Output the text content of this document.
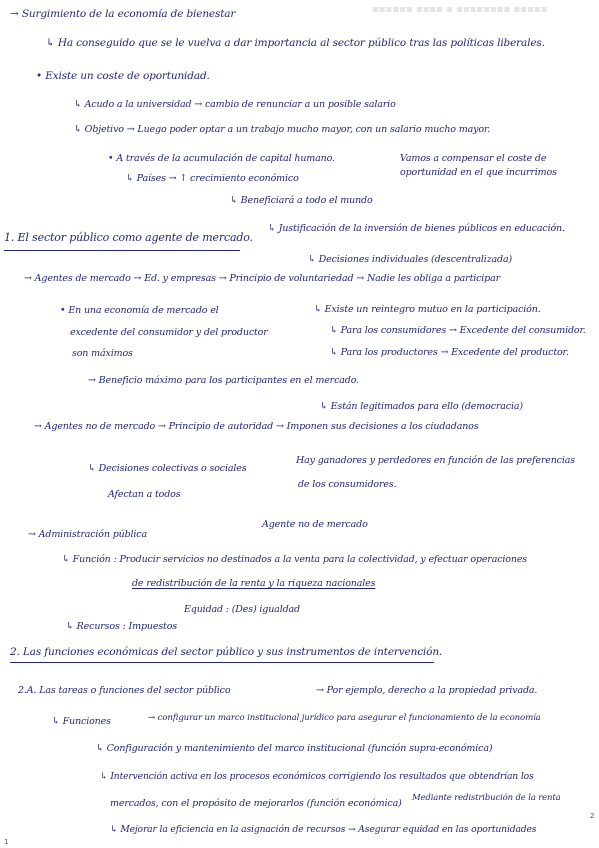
▪▪▪▪▪▪ ▪▪▪▪ ▪ ▪▪▪▪▪▪▪▪ ▪▪▪▪▪
→ Surgimiento de la economía de bienestar
↳ Ha conseguido que se le vuelva a dar importancia al sector público tras las políticas liberales.
• Existe un coste de oportunidad.
↳ Acudo a la universidad → cambio de renunciar a un posible salario
↳ Objetivo → Luego poder optar a un trabajo mucho mayor, con un salario mucho mayor.
• A través de la acumulación de capital humano.	Vamos a compensar el coste de
oportunidad en el que incurrimos
↳ Países → ↑ crecimiento económico
↳ Beneficiará a todo el mundo
↳ Justificación de la inversión de bienes públicos en educación.
1. El sector público como agente de mercado.
↳ Decisiones individuales (descentralizada)
→ Agentes de mercado → Ed. y empresas → Principio de voluntariedad → Nadie les obliga a participar
• En una economía de mercado el	↳ Existe un reintegro mutuo en la participación.
excedente del consumidor y del productor	↳ Para los consumidores → Excedente del consumidor.
son máximos	↳ Para los productores → Excedente del productor.
→ Beneficio máximo para los participantes en el mercado.
↳ Están legitimados para ello (democracia)
→ Agentes no de mercado → Principio de autoridad → Imponen sus decisiones a los ciudadanos
Hay ganadores y perdedores en función de las preferencias
↳ Decisiones colectivas o sociales
de los consumidores.
Afectan a todos
Agente no de mercado
→ Administración pública
↳ Función : Producir servicios no destinados a la venta para la colectividad, y efectuar operaciones
de redistribución de la renta y la riqueza nacionales
Equidad : (Des) igualdad
↳ Recursos : Impuestos
2. Las funciones económicas del sector público y sus instrumentos de intervención.
2.A. Las tareas o funciones del sector público	→ Por ejemplo, derecho a la propiedad privada.
↳ Funciones	→ configurar un marco institucional jurídico para asegurar el funcionamiento de la economía
↳ Configuración y mantenimiento del marco institucional (función supra-económica)
↳ Intervención activa en los procesos económicos corrigiendo los resultados que obtendrían los
mercados, con el propósito de mejorarlos (función económica) Mediante redistribución de la renta
↳ Mejorar la eficiencia en la asignación de recursos → Asegurar equidad en las oportunidades
1
2
